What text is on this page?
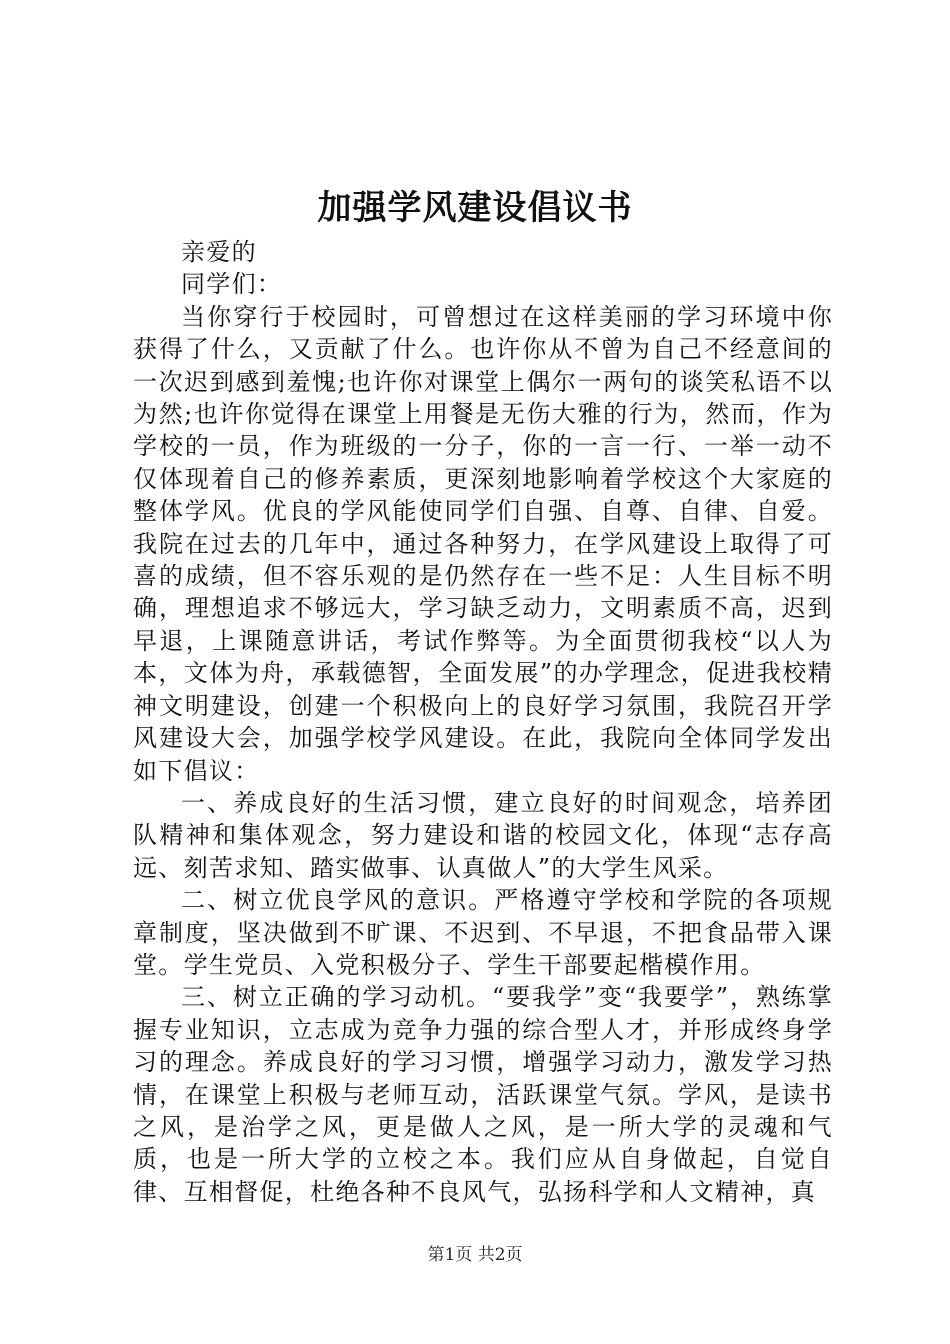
加强学风建设倡议书

亲爱的

同学们：

当你穿行于校园时，可曾想过在这样美丽的学习环境中你获得了什么，又贡献了什么。也许你从不曾为自己不经意间的一次迟到感到羞愧;也许你对课堂上偶尔一两句的谈笑私语不以为然;也许你觉得在课堂上用餐是无伤大雅的行为，然而，作为学校的一员，作为班级的一分子，你的一言一行、一举一动不仅体现着自己的修养素质，更深刻地影响着学校这个大家庭的整体学风。优良的学风能使同学们自强、自尊、自律、自爱。我院在过去的几年中，通过各种努力，在学风建设上取得了可喜的成绩，但不容乐观的是仍然存在一些不足：人生目标不明确，理想追求不够远大，学习缺乏动力，文明素质不高，迟到早退，上课随意讲话，考试作弊等。为全面贯彻我校“以人为本，文体为舟，承载德智，全面发展”的办学理念，促进我校精神文明建设，创建一个积极向上的良好学习氛围，我院召开学风建设大会，加强学校学风建设。在此，我院向全体同学发出如下倡议：

一、养成良好的生活习惯，建立良好的时间观念，培养团队精神和集体观念，努力建设和谐的校园文化，体现“志存高远、刻苦求知、踏实做事、认真做人”的大学生风采。

二、树立优良学风的意识。严格遵守学校和学院的各项规章制度，坚决做到不旷课、不迟到、不早退，不把食品带入课堂。学生党员、入党积极分子、学生干部要起楷模作用。

三、树立正确的学习动机。“要我学”变“我要学”，熟练掌握专业知识，立志成为竞争力强的综合型人才，并形成终身学习的理念。养成良好的学习习惯，增强学习动力，激发学习热情，在课堂上积极与老师互动，活跃课堂气氛。学风，是读书之风，是治学之风，更是做人之风，是一所大学的灵魂和气质，也是一所大学的立校之本。我们应从自身做起，自觉自律、互相督促，杜绝各种不良风气，弘扬科学和人文精神，真

第1页 共2页
